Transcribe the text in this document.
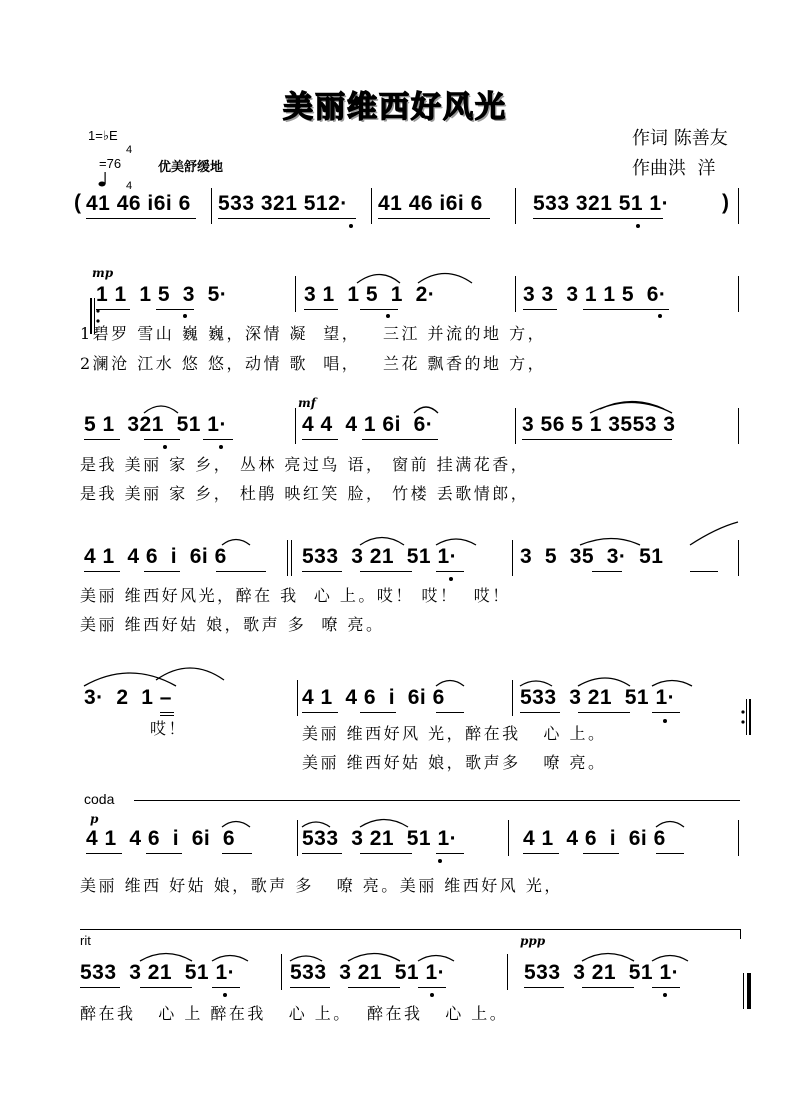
美丽维西好风光
作词 陈善友
作曲洪  洋
1=♭E

4

4

=76	优美舒缓地
( 41 46 i6i 6 533 321 512· 41 46 i6i 6 533 321 51 1·	)

mp
1 1  1 5  3  5·	3 1  1 5  1  2·	3 3  3 1 1 5  6·
1碧罗 雪山 巍 巍，深情 凝  望，   三江 并流的地 方，
2澜沧 江水 悠 悠，动情 歌  唱，   兰花 飘香的地 方，
5 1  321  51 1·
mf
4 4  4 1 6i  6·	3 56 5 1 3553 3
是我 美丽 家 乡， 丛林 亮过鸟 语， 窗前 挂满花香，
是我 美丽 家 乡， 杜鹃 映红笑 脸， 竹楼 丢歌情郎，
4 1  4 6  i  6i 6	533  3 21  51 1·	3  5  35  3·  51
美丽 维西好风光，醉在 我  心 上。哎！ 哎！  哎！
美丽 维西好姑 娘，歌声 多  嘹 亮。
3·  2  1 –	4 1  4 6  i  6i 6	533  3 21  51 1·

哎！	美丽 维西好风 光，醉在我   心 上。
美丽 维西好姑 娘，歌声多   嘹 亮。
coda
p
4 1  4 6  i  6i  6	533  3 21  51 1·	4 1  4 6  i  6i 6
美丽 维西 好姑 娘，歌声 多   嘹 亮。美丽 维西好风 光，
rit
533  3 21  51 1·	533  3 21  51 1·
ppp
533  3 21  51 1·

醉在我   心 上 醉在我   心 上。  醉在我   心 上。
